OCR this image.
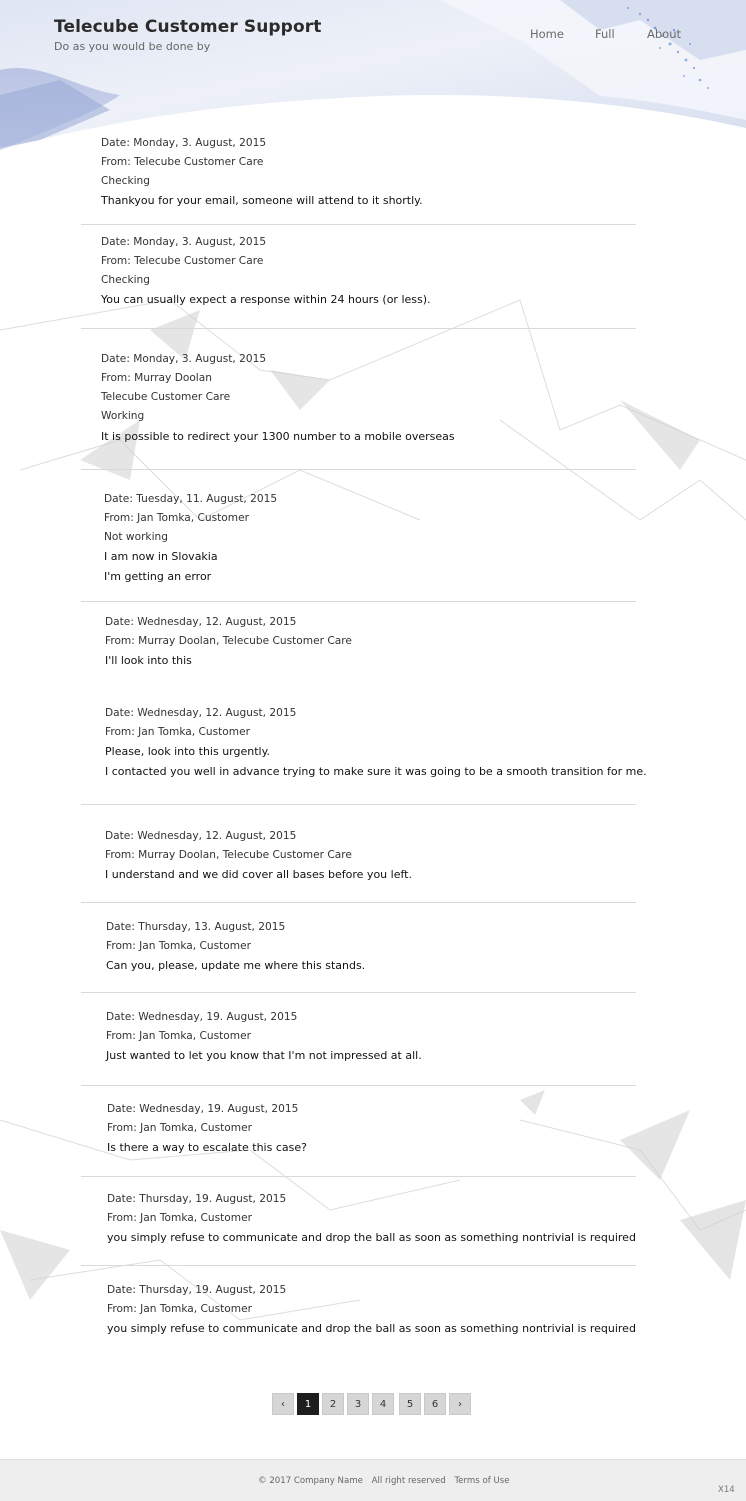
Telecube Customer Support
Do as you would be done by
Home	Full	About
Date: Monday, 3. August, 2015
From: Telecube Customer Care
Checking
Thankyou for your email, someone will attend to it shortly.
Date: Monday, 3. August, 2015
From: Telecube Customer Care
Checking
You can usually expect a response within 24 hours (or less).
Date: Monday, 3. August, 2015
From: Murray Doolan
Telecube Customer Care
Working
It is possible to redirect your 1300 number to a mobile overseas
Date: Tuesday, 11. August, 2015
From: Jan Tomka, Customer
Not working
I am now in Slovakia
I'm getting an error
Date: Wednesday, 12. August, 2015
From: Murray Doolan, Telecube Customer Care
I'll look into this
Date: Wednesday, 12. August, 2015
From: Jan Tomka, Customer
Please, look into this urgently.
I contacted you well in advance trying to make sure it was going to be a smooth transition for me.
Date: Wednesday, 12. August, 2015
From: Murray Doolan, Telecube Customer Care
I understand and we did cover all bases before you left.
Date: Thursday, 13. August, 2015
From: Jan Tomka, Customer
Can you, please, update me where this stands.
Date: Wednesday, 19. August, 2015
From: Jan Tomka, Customer
Just wanted to let you know that I'm not impressed at all.
Date: Wednesday, 19. August, 2015
From: Jan Tomka, Customer
Is there a way to escalate this case?
Date: Thursday, 19. August, 2015
From: Jan Tomka, Customer
you simply refuse to communicate and drop the ball as soon as something nontrivial is required
Date: Thursday, 19. August, 2015
From: Jan Tomka, Customer
you simply refuse to communicate and drop the ball as soon as something nontrivial is required
‹	1	2	3	4	5	6	›
© 2017 Company Name All right reserved Terms of Use
X14
